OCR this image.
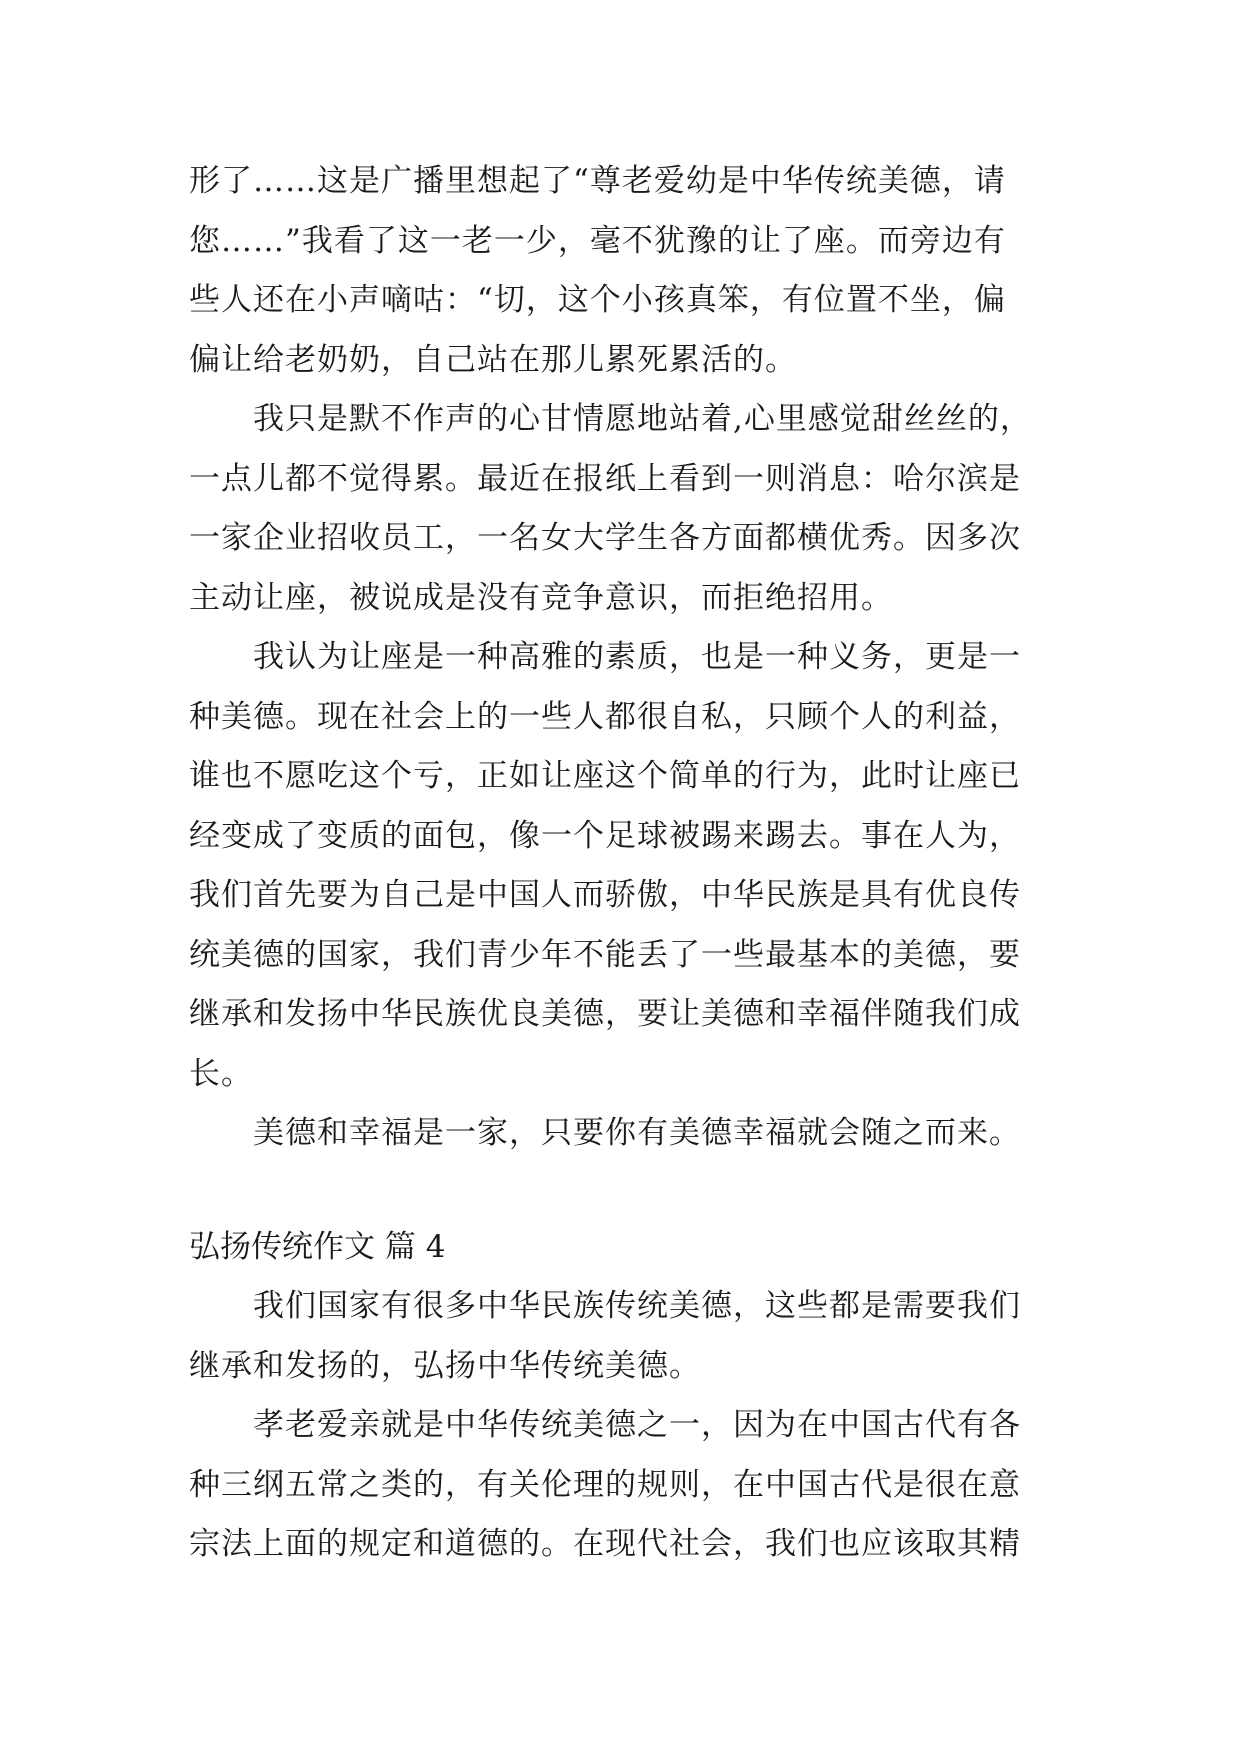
形了……这是广播里想起了“尊老爱幼是中华传统美德，请
您……”我看了这一老一少，毫不犹豫的让了座。而旁边有
些人还在小声嘀咕：“切，这个小孩真笨，有位置不坐，偏
偏让给老奶奶，自己站在那儿累死累活的。
　　我只是默不作声的心甘情愿地站着,心里感觉甜丝丝的，
一点儿都不觉得累。最近在报纸上看到一则消息：哈尔滨是
一家企业招收员工，一名女大学生各方面都横优秀。因多次
主动让座，被说成是没有竞争意识，而拒绝招用。
　　我认为让座是一种高雅的素质，也是一种义务，更是一
种美德。现在社会上的一些人都很自私，只顾个人的利益，
谁也不愿吃这个亏，正如让座这个简单的行为，此时让座已
经变成了变质的面包，像一个足球被踢来踢去。事在人为，
我们首先要为自己是中国人而骄傲，中华民族是具有优良传
统美德的国家，我们青少年不能丢了一些最基本的美德，要
继承和发扬中华民族优良美德，要让美德和幸福伴随我们成
长。
　　美德和幸福是一家，只要你有美德幸福就会随之而来。
弘扬传统作文 篇 4
　　我们国家有很多中华民族传统美德，这些都是需要我们
继承和发扬的，弘扬中华传统美德。
　　孝老爱亲就是中华传统美德之一，因为在中国古代有各
种三纲五常之类的，有关伦理的规则，在中国古代是很在意
宗法上面的规定和道德的。在现代社会，我们也应该取其精
